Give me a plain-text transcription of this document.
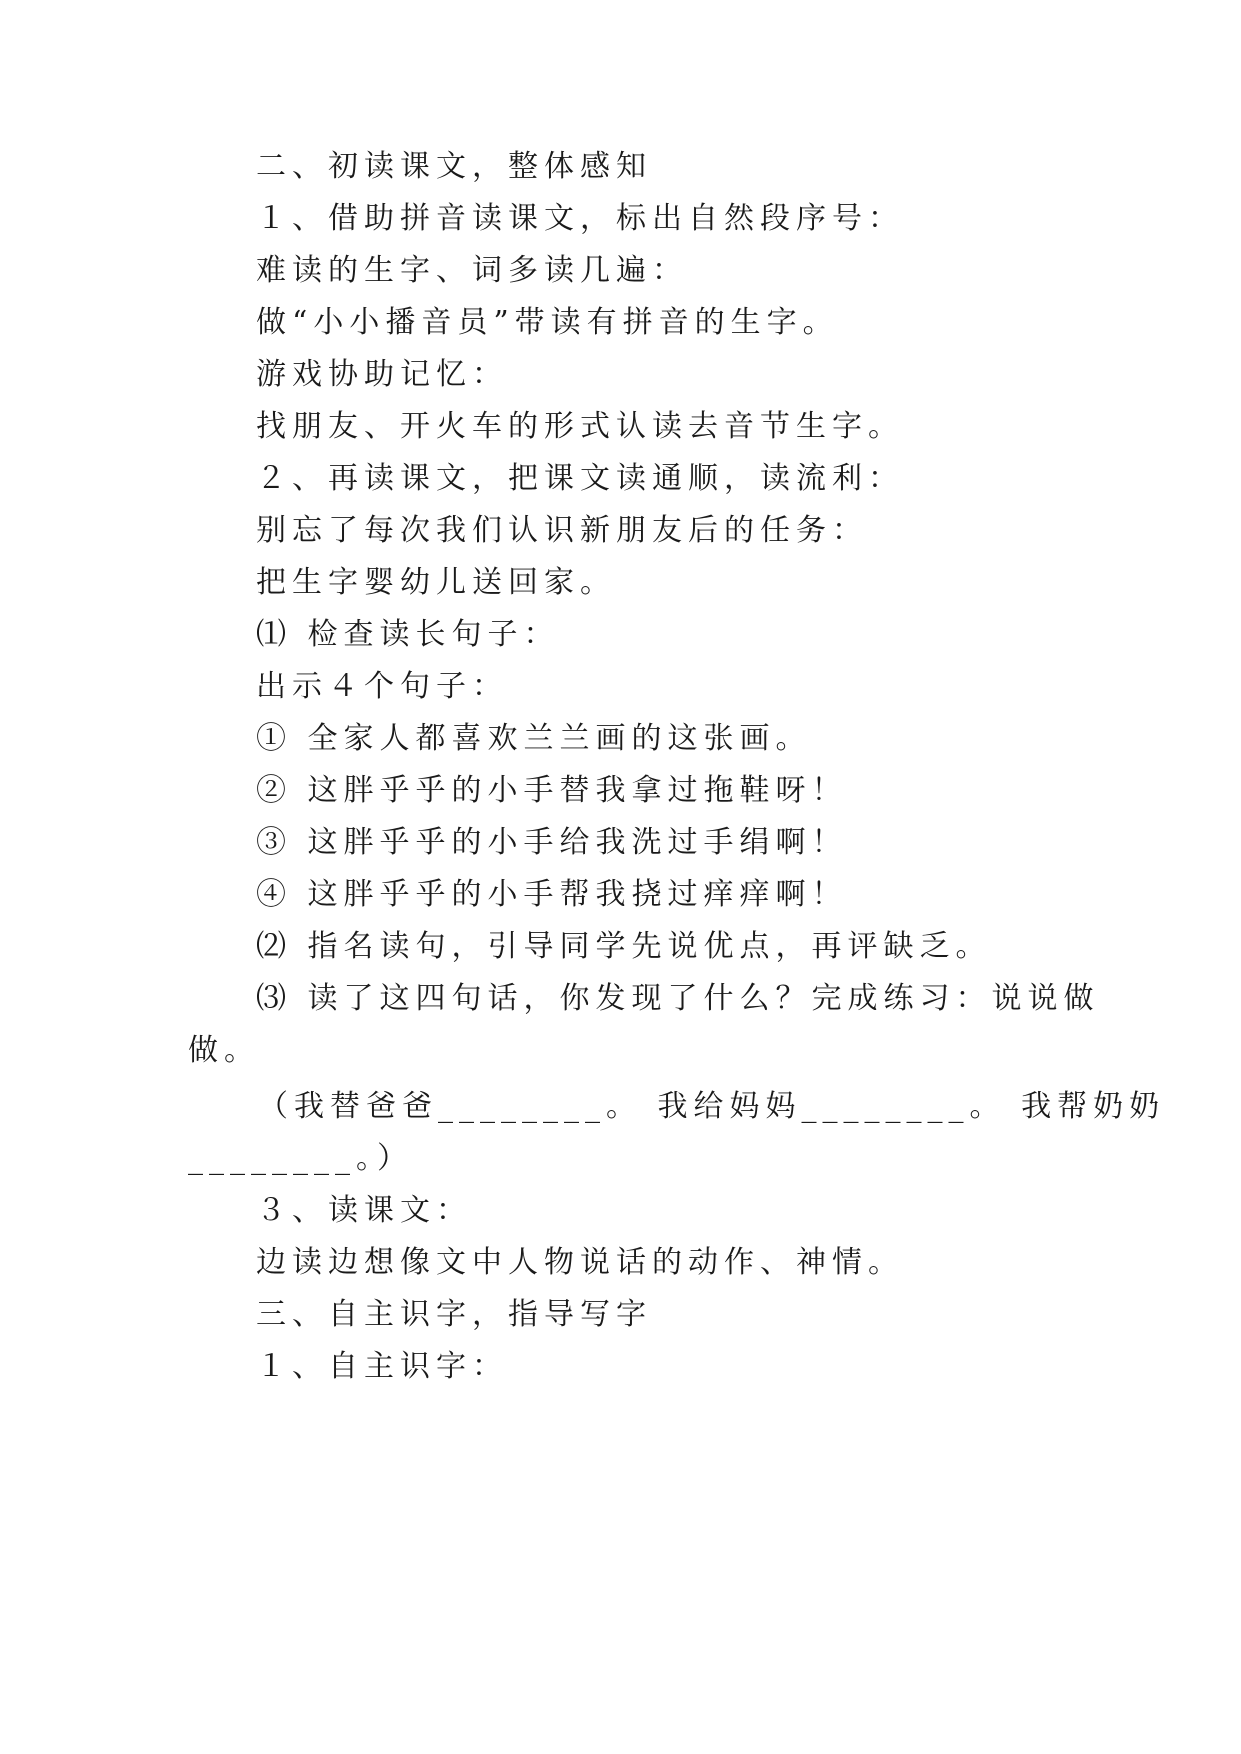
二、初读课文，整体感知
１、借助拼音读课文，标出自然段序号：
难读的生字、词多读几遍：
做“小小播音员”带读有拼音的生字。
游戏协助记忆：
找朋友、开火车的形式认读去音节生字。
２、再读课文，把课文读通顺，读流利：
别忘了每次我们认识新朋友后的任务：
把生字婴幼儿送回家。
⑴ 检查读长句子：
出示４个句子：
① 全家人都喜欢兰兰画的这张画。
② 这胖乎乎的小手替我拿过拖鞋呀！
③ 这胖乎乎的小手给我洗过手绢啊！
④ 这胖乎乎的小手帮我挠过痒痒啊！
⑵ 指名读句，引导同学先说优点，再评缺乏。
⑶ 读了这四句话，你发现了什么？完成练习：说说做
做。
（我替爸爸________。 我给妈妈________。 我帮奶奶
________。）
３、读课文：
边读边想像文中人物说话的动作、神情。
三、自主识字，指导写字
１、自主识字：
